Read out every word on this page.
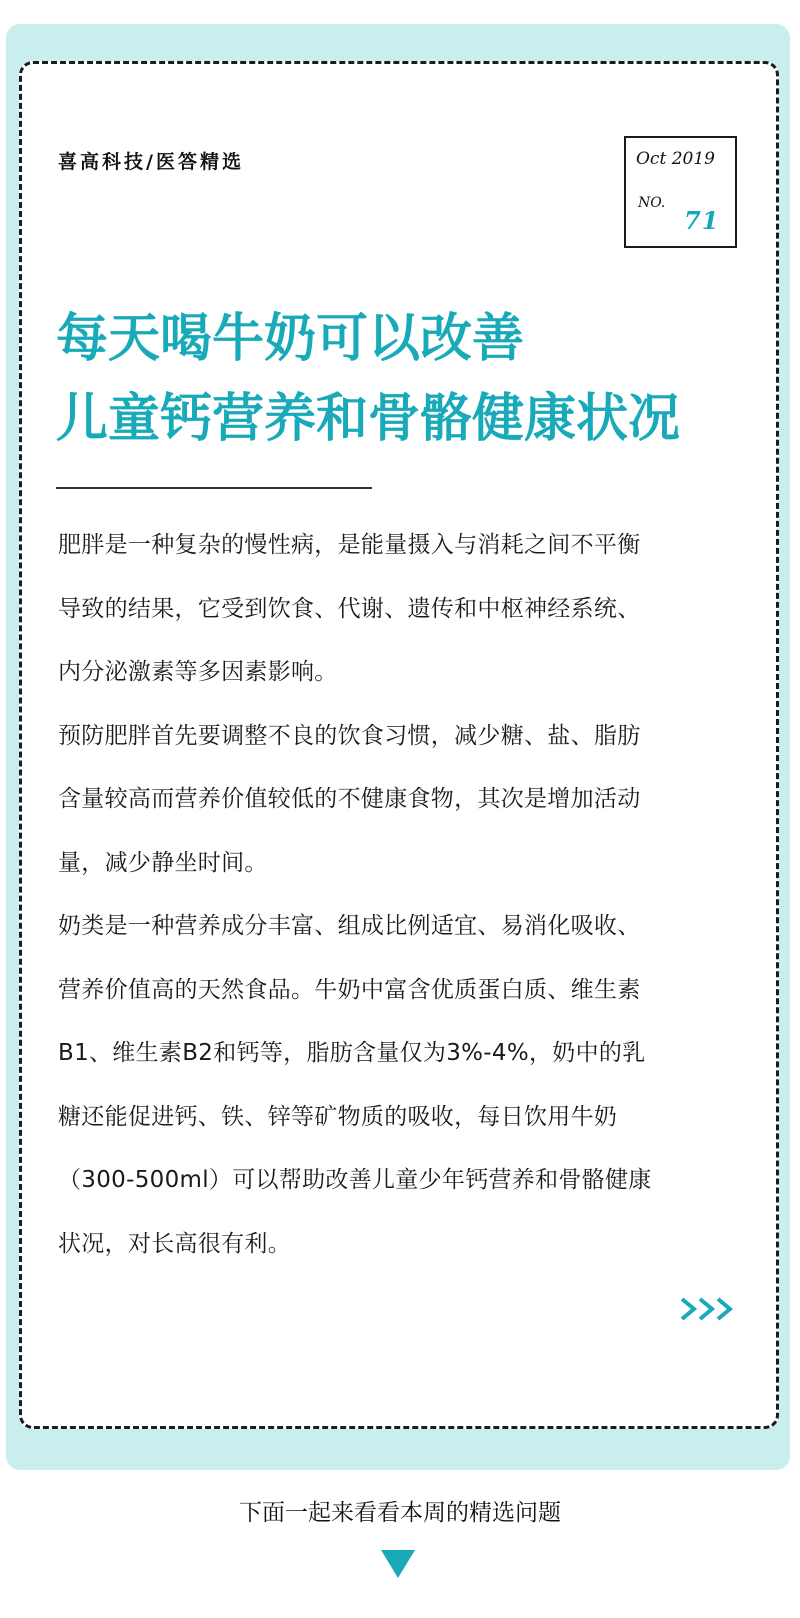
喜高科技/医答精选	Oct 2019
NO.
71
每天喝牛奶可以改善
儿童钙营养和骨骼健康状况
肥胖是一种复杂的慢性病，是能量摄入与消耗之间不平衡
导致的结果，它受到饮食、代谢、遗传和中枢神经系统、
内分泌激素等多因素影响。
预防肥胖首先要调整不良的饮食习惯，减少糖、盐、脂肪
含量较高而营养价值较低的不健康食物，其次是增加活动
量，减少静坐时间。
奶类是一种营养成分丰富、组成比例适宜、易消化吸收、
营养价值高的天然食品。牛奶中富含优质蛋白质、维生素
B1、维生素B2和钙等，脂肪含量仅为3%-4%，奶中的乳
糖还能促进钙、铁、锌等矿物质的吸收，每日饮用牛奶
（300-500ml）可以帮助改善儿童少年钙营养和骨骼健康
状况，对长高很有利。
下面一起来看看本周的精选问题
